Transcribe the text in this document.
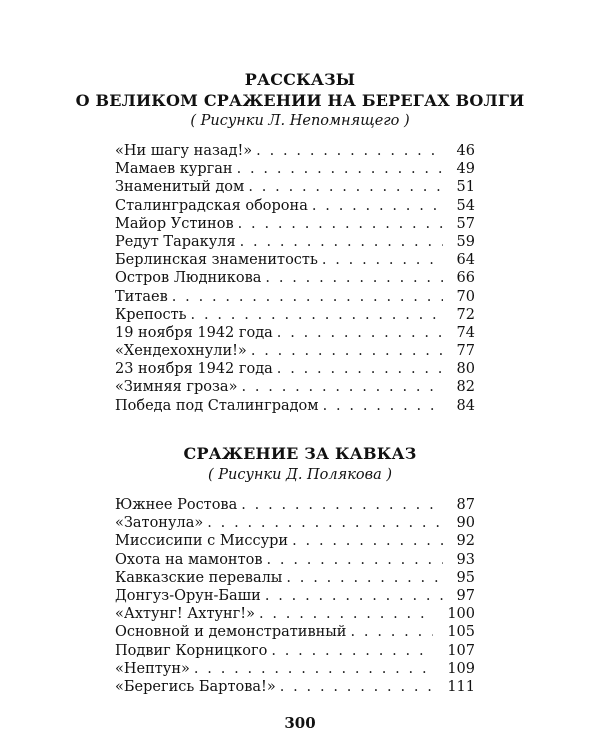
РАССКАЗЫ
О ВЕЛИКОМ СРАЖЕНИИ НА БЕРЕГАХ ВОЛГИ
( Рисунки Л. Непомнящего )
«Ни шагу назад!» . . .	46
Мамаев курган . . .	49
Знаменитый дом . . .	51
Сталинградская оборона . . .	54
Майор Устинов . . .	57
Редут Таракуля . . .	59
Берлинская знаменитость . . .	64
Остров Людникова . . .	66
Титаев . . .	70
Крепость . . .	72
19 ноября 1942 года . . .	74
«Хендехохнули!» . . .	77
23 ноября 1942 года . . .	80
«Зимняя гроза» . . .	82
Победа под Сталинградом . . .	84
СРАЖЕНИЕ ЗА КАВКАЗ
( Рисунки Д. Полякова )
Южнее Ростова . . .	87
«Затонула» . . .	90
Миссисипи с Миссури . . .	92
Охота на мамонтов . . .	93
Кавказские перевалы . . .	95
Донгуз-Орун-Баши . . .	97
«Ахтунг! Ахтунг!» . . .	100
Основной и демонстративный . . .	105
Подвиг Корницкого . . .	107
«Нептун» . . .	109
«Берегись Бартова!» . . .	111
300
